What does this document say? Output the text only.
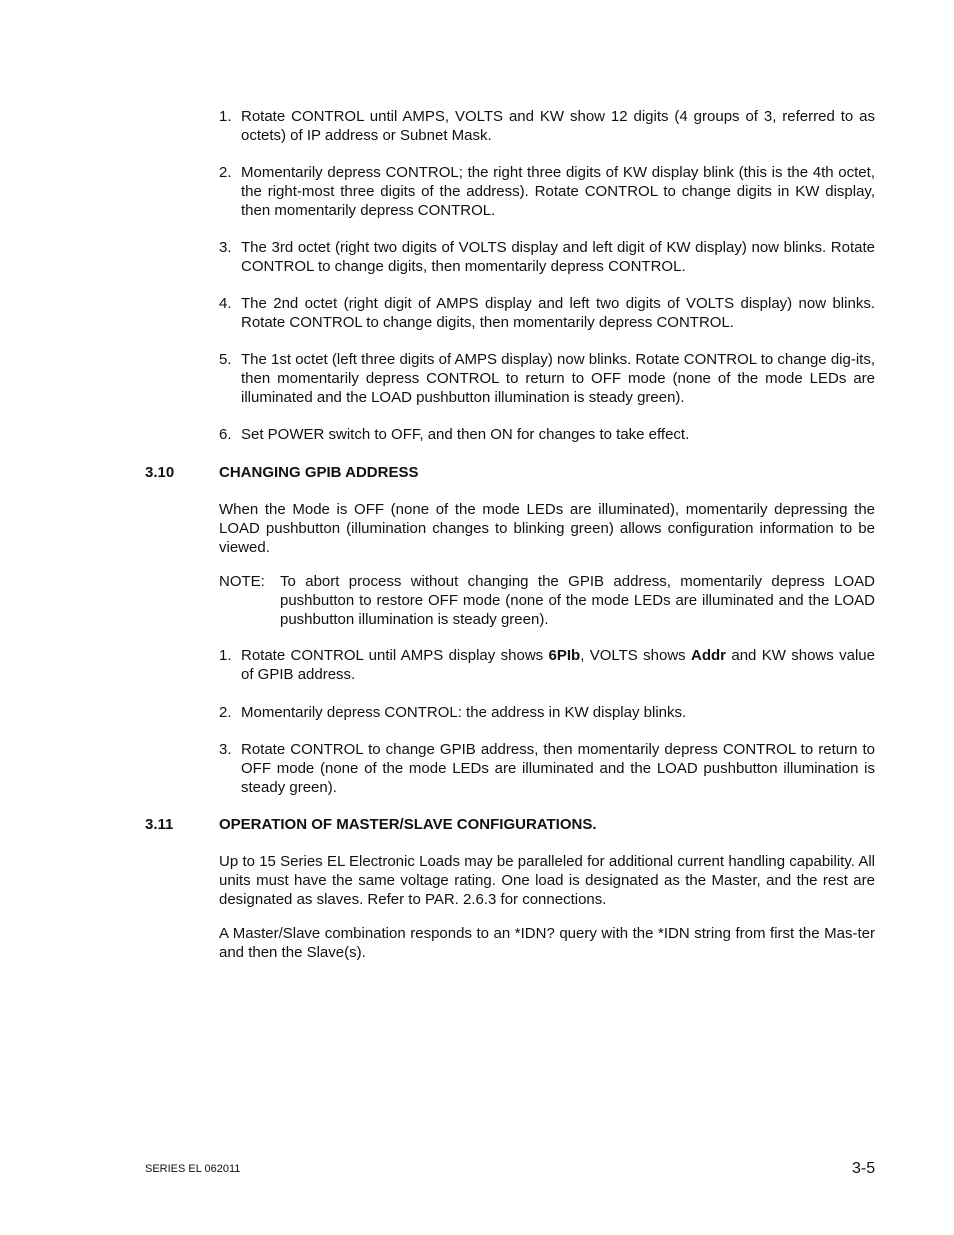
1. Rotate CONTROL until AMPS, VOLTS and KW show 12 digits (4 groups of 3, referred to as octets) of IP address or Subnet Mask.

2. Momentarily depress CONTROL; the right three digits of KW display blink (this is the 4th octet, the right-most three digits of the address). Rotate CONTROL to change digits in KW display, then momentarily depress CONTROL.

3. The 3rd octet (right two digits of VOLTS display and left digit of KW display) now blinks. Rotate CONTROL to change digits, then momentarily depress CONTROL.

4. The 2nd octet (right digit of AMPS display and left two digits of VOLTS display) now blinks. Rotate CONTROL to change digits, then momentarily depress CONTROL.

5. The 1st octet (left three digits of AMPS display) now blinks. Rotate CONTROL to change dig-its, then momentarily depress CONTROL to return to OFF mode (none of the mode LEDs are illuminated and the LOAD pushbutton illumination is steady green).

6. Set POWER switch to OFF, and then ON for changes to take effect.

3.10	CHANGING GPIB ADDRESS

When the Mode is OFF (none of the mode LEDs are illuminated), momentarily depressing the LOAD pushbutton (illumination changes to blinking green) allows configuration information to be viewed.

NOTE: To abort process without changing the GPIB address, momentarily depress LOAD pushbutton to restore OFF mode (none of the mode LEDs are illuminated and the LOAD pushbutton illumination is steady green).

1. Rotate CONTROL until AMPS display shows 6PIb, VOLTS shows Addr and KW shows value of GPIB address.

2. Momentarily depress CONTROL: the address in KW display blinks.

3. Rotate CONTROL to change GPIB address, then momentarily depress CONTROL to return to OFF mode (none of the mode LEDs are illuminated and the LOAD pushbutton illumination is steady green).

3.11	OPERATION OF MASTER/SLAVE CONFIGURATIONS.

Up to 15 Series EL Electronic Loads may be paralleled for additional current handling capability. All units must have the same voltage rating. One load is designated as the Master, and the rest are designated as slaves. Refer to PAR. 2.6.3 for connections.

A Master/Slave combination responds to an *IDN? query with the *IDN string from first the Mas-ter and then the Slave(s).

SERIES EL 062011	3-5
